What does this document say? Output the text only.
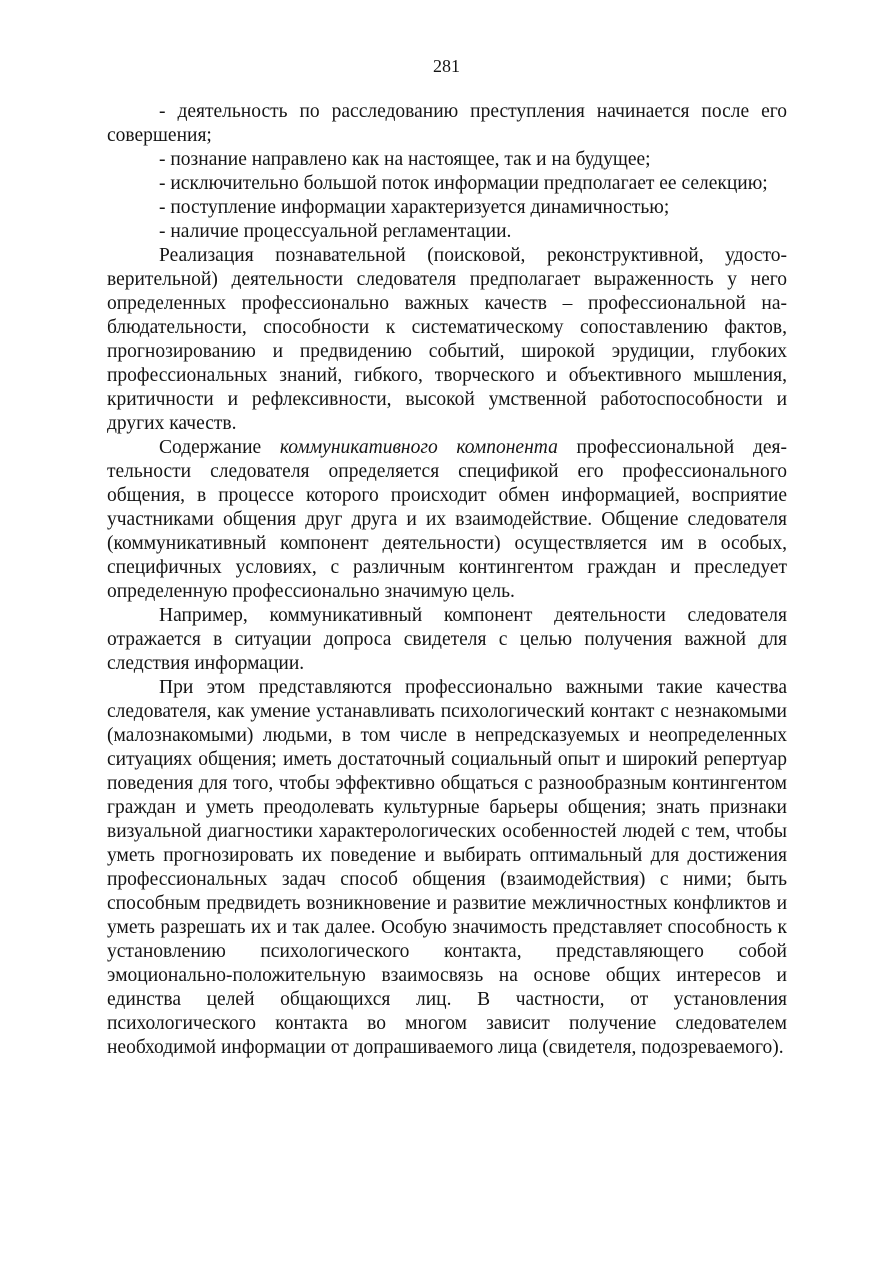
281

- деятельность по расследованию преступления начинается после его совершения;

- познание направлено как на настоящее, так и на будущее;

- исключительно большой поток информации предполагает ее селекцию;

- поступление информации характеризуется динамичностью;

- наличие процессуальной регламентации.

Реализация познавательной (поисковой, реконструктивной, удостоверительной) деятельности следователя предполагает выраженность у него определенных профессионально важных качеств – профессиональной наблюдательности, способности к систематическому сопоставлению фактов, прогнозированию и предвидению событий, широкой эрудиции, глубоких профессиональных знаний, гибкого, творческого и объективного мышления, критичности и рефлексивности, высокой умственной работоспособности и других качеств.

Содержание коммуникативного компонента профессиональной деятельности следователя определяется спецификой его профессионального общения, в процессе которого происходит обмен информацией, восприятие участниками общения друг друга и их взаимодействие. Общение следователя (коммуникативный компонент деятельности) осуществляется им в особых, специфичных условиях, с различным контингентом граждан и преследует определенную профессионально значимую цель.

Например, коммуникативный компонент деятельности следователя отражается в ситуации допроса свидетеля с целью получения важной для следствия информации.

При этом представляются профессионально важными такие качества следователя, как умение устанавливать психологический контакт с незнакомыми (малознакомыми) людьми, в том числе в непредсказуемых и неопределенных ситуациях общения; иметь достаточный социальный опыт и широкий репертуар поведения для того, чтобы эффективно общаться с разнообразным контингентом граждан и уметь преодолевать культурные барьеры общения; знать признаки визуальной диагностики характерологических особенностей людей с тем, чтобы уметь прогнозировать их поведение и выбирать оптимальный для достижения профессиональных задач способ общения (взаимодействия) с ними; быть способным предвидеть возникновение и развитие межличностных конфликтов и уметь разрешать их и так далее. Особую значимость представляет способность к установлению психологического контакта, представляющего собой эмоционально-положительную взаимосвязь на основе общих интересов и единства целей общающихся лиц. В частности, от установления психологического контакта во многом зависит получение следователем необходимой информации от допрашиваемого лица (свидетеля, подозреваемого).
